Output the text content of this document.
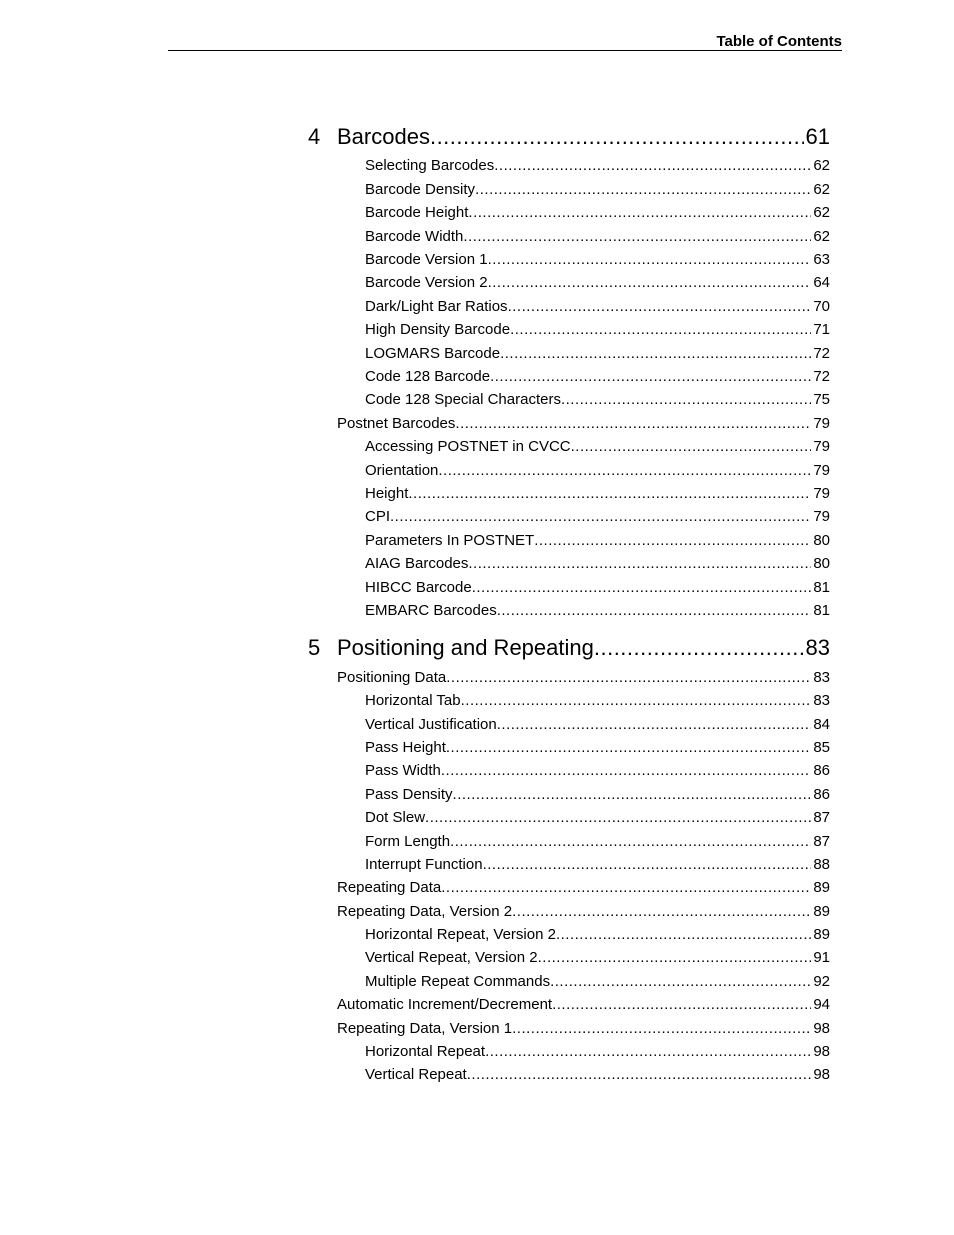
Table of Contents
4 Barcodes .....	61
Selecting Barcodes .....	62
Barcode Density .....	62
Barcode Height .....	62
Barcode Width .....	62
Barcode Version 1 .....	63
Barcode Version 2 .....	64
Dark/Light Bar Ratios .....	70
High Density Barcode .....	71
LOGMARS Barcode .....	72
Code 128 Barcode .....	72
Code 128 Special Characters .....	75
Postnet Barcodes .....	79
Accessing POSTNET in CVCC .....	79
Orientation .....	79
Height .....	79
CPI .....	79
Parameters In POSTNET .....	80
AIAG Barcodes .....	80
HIBCC Barcode .....	81
EMBARC Barcodes .....	81
5 Positioning and Repeating .....	83
Positioning Data .....	83
Horizontal Tab .....	83
Vertical Justification .....	84
Pass Height .....	85
Pass Width .....	86
Pass Density .....	86
Dot Slew .....	87
Form Length .....	87
Interrupt Function .....	88
Repeating Data .....	89
Repeating Data, Version 2 .....	89
Horizontal Repeat, Version 2 .....	89
Vertical Repeat, Version 2 .....	91
Multiple Repeat Commands .....	92
Automatic Increment/Decrement .....	94
Repeating Data, Version 1 .....	98
Horizontal Repeat .....	98
Vertical Repeat .....	98
